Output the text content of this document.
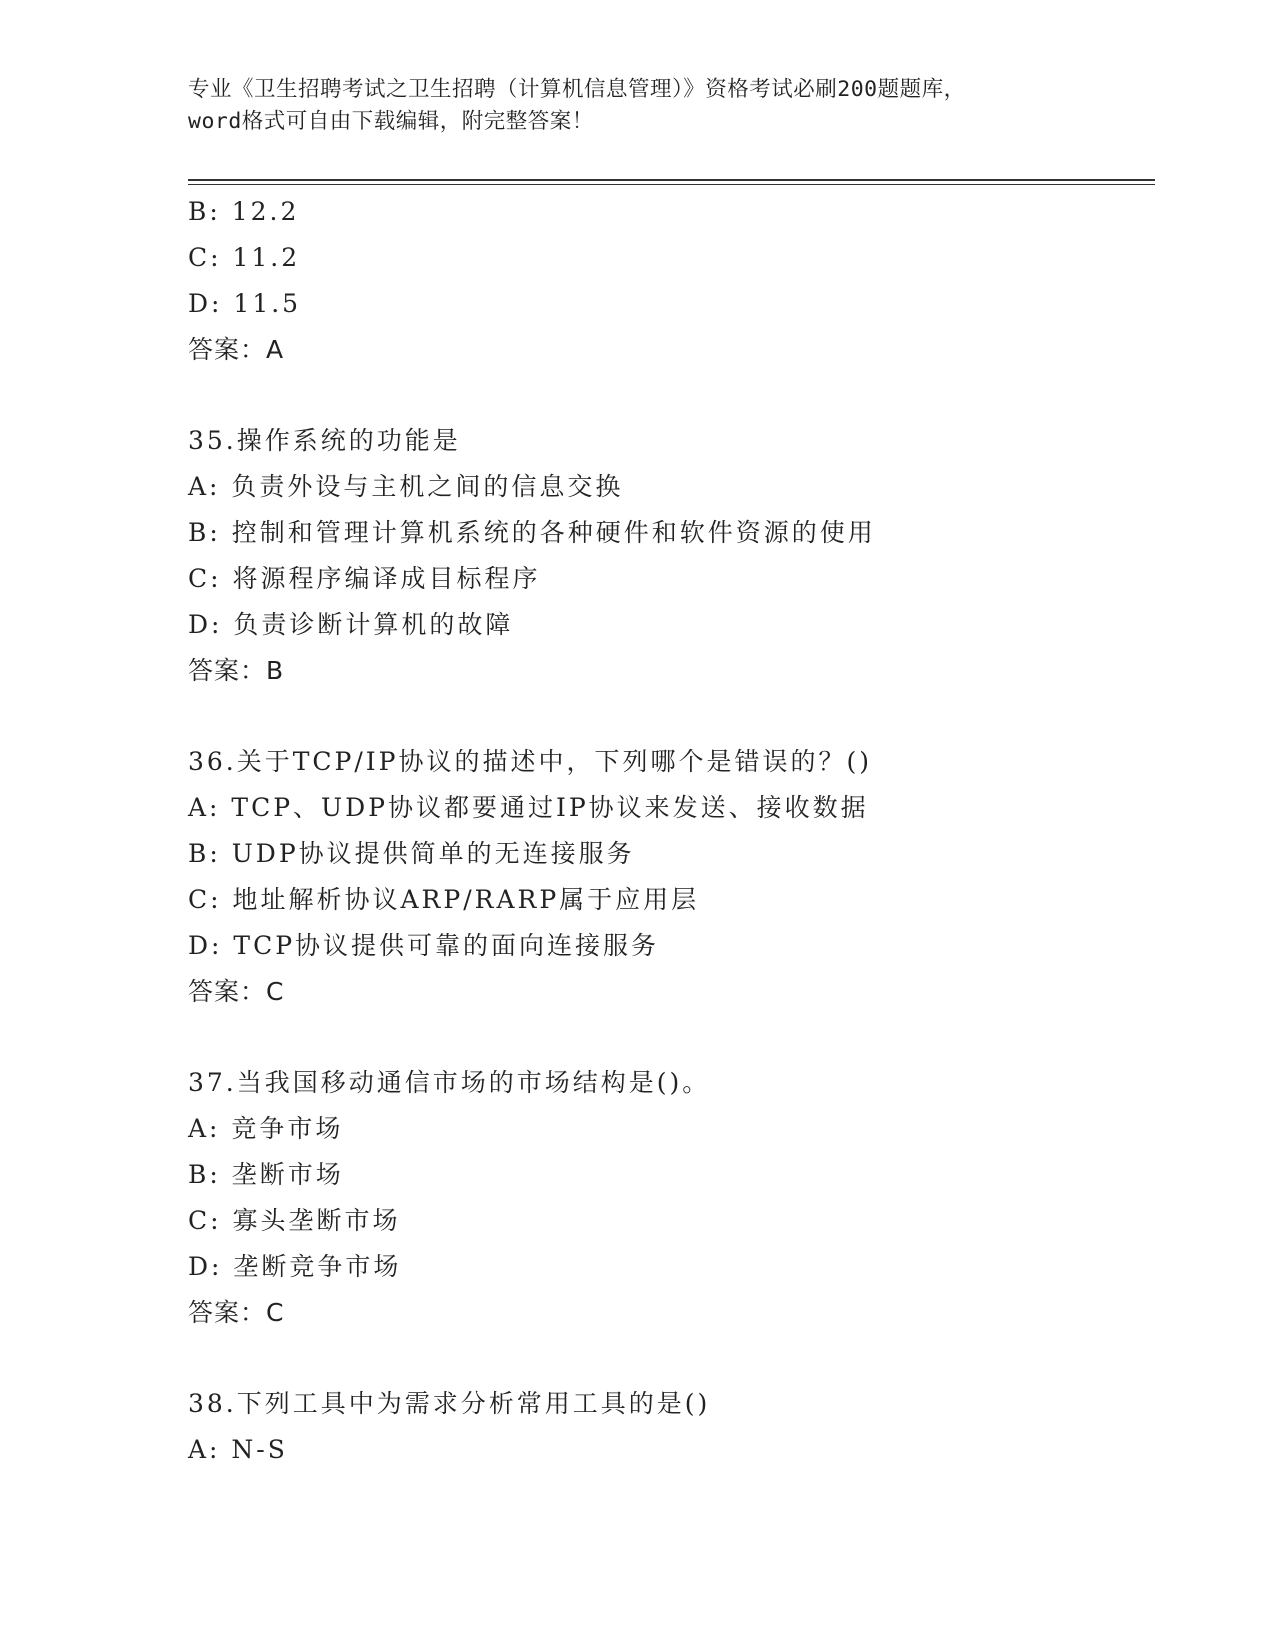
专业《卫生招聘考试之卫生招聘（计算机信息管理）》资格考试必刷200题题库，
word格式可自由下载编辑，附完整答案！
B: 12.2
C: 11.2
D: 11.5
答案：A
35.操作系统的功能是
A: 负责外设与主机之间的信息交换
B: 控制和管理计算机系统的各种硬件和软件资源的使用
C: 将源程序编译成目标程序
D: 负责诊断计算机的故障
答案：B
36.关于TCP/IP协议的描述中，下列哪个是错误的？()
A: TCP、UDP协议都要通过IP协议来发送、接收数据
B: UDP协议提供简单的无连接服务
C: 地址解析协议ARP/RARP属于应用层
D: TCP协议提供可靠的面向连接服务
答案：C
37.当我国移动通信市场的市场结构是()。
A: 竞争市场
B: 垄断市场
C: 寡头垄断市场
D: 垄断竞争市场
答案：C
38.下列工具中为需求分析常用工具的是()
A: N-S
